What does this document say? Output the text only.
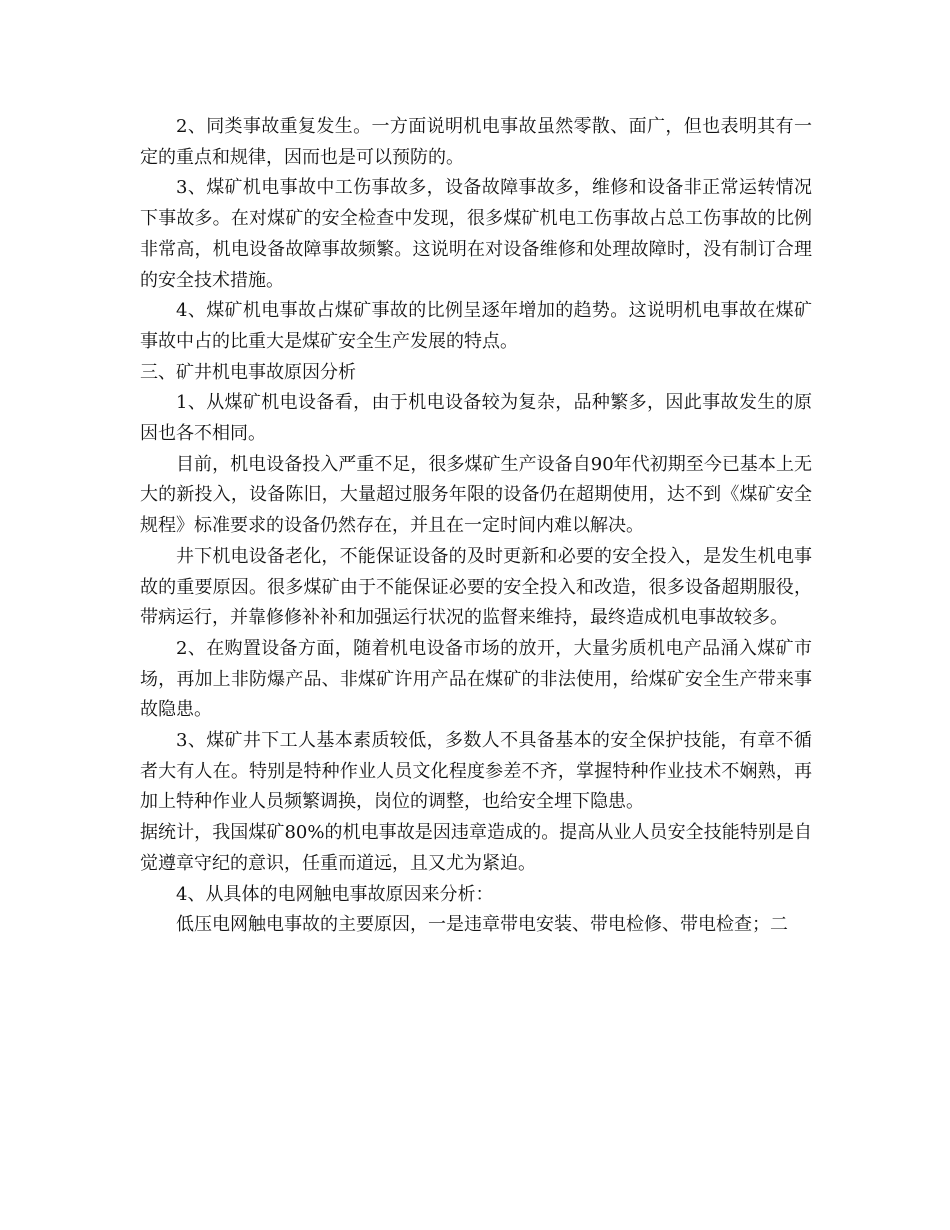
2、同类事故重复发生。一方面说明机电事故虽然零散、面广，但也表明其有一定的重点和规律，因而也是可以预防的。

3、煤矿机电事故中工伤事故多，设备故障事故多，维修和设备非正常运转情况下事故多。在对煤矿的安全检查中发现，很多煤矿机电工伤事故占总工伤事故的比例非常高，机电设备故障事故频繁。这说明在对设备维修和处理故障时，没有制订合理的安全技术措施。

4、煤矿机电事故占煤矿事故的比例呈逐年增加的趋势。这说明机电事故在煤矿事故中占的比重大是煤矿安全生产发展的特点。

三、矿井机电事故原因分析

1、从煤矿机电设备看，由于机电设备较为复杂，品种繁多，因此事故发生的原因也各不相同。

目前，机电设备投入严重不足，很多煤矿生产设备自90年代初期至今已基本上无大的新投入，设备陈旧，大量超过服务年限的设备仍在超期使用，达不到《煤矿安全规程》标准要求的设备仍然存在，并且在一定时间内难以解决。

井下机电设备老化，不能保证设备的及时更新和必要的安全投入，是发生机电事故的重要原因。很多煤矿由于不能保证必要的安全投入和改造，很多设备超期服役，带病运行，并靠修修补补和加强运行状况的监督来维持，最终造成机电事故较多。

2、在购置设备方面，随着机电设备市场的放开，大量劣质机电产品涌入煤矿市场，再加上非防爆产品、非煤矿许用产品在煤矿的非法使用，给煤矿安全生产带来事故隐患。

3、煤矿井下工人基本素质较低，多数人不具备基本的安全保护技能，有章不循者大有人在。特别是特种作业人员文化程度参差不齐，掌握特种作业技术不娴熟，再加上特种作业人员频繁调换，岗位的调整，也给安全埋下隐患。

据统计，我国煤矿80%的机电事故是因违章造成的。提高从业人员安全技能特别是自觉遵章守纪的意识，任重而道远，且又尤为紧迫。

4、从具体的电网触电事故原因来分析：

低压电网触电事故的主要原因，一是违章带电安装、带电检修、带电检查；二
